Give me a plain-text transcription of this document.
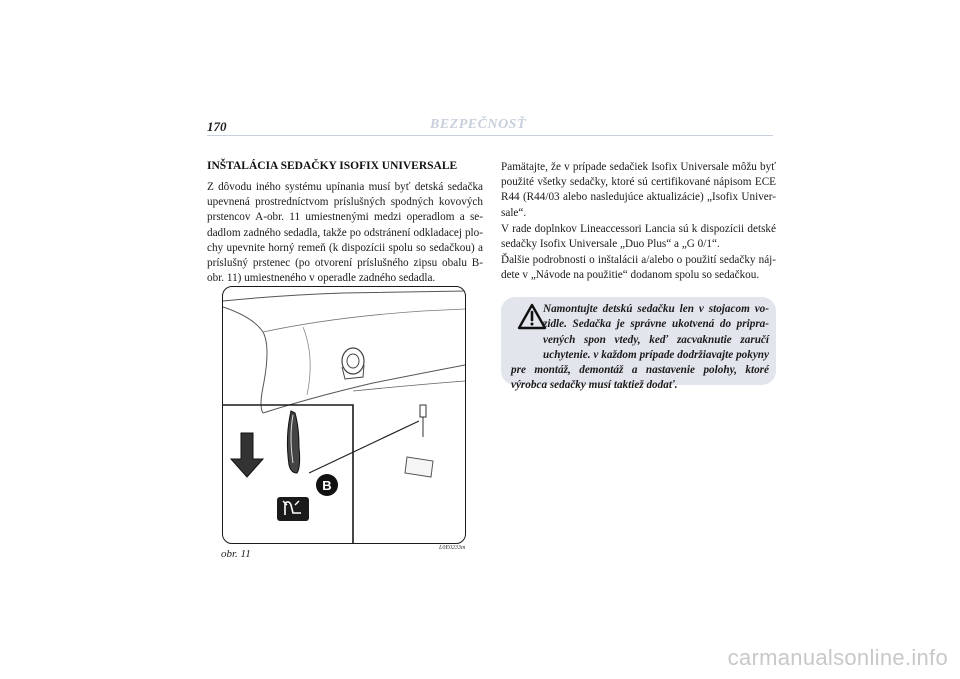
170	BEZPEČNOSŤ
INŠTALÁCIA SEDAČKY ISOFIX UNIVERSALE
Z dôvodu iného systému upínania musí byť detská sedačka upevnená prostredníctvom príslušných spodných kovových prstencov A-obr. 11 umiestnenými medzi operadlom a se-dadlom zadného sedadla, takže po odstránení odkladacej plo-chy upevnite horný remeň (k dispozícii spolu so sedačkou) a príslušný prstenec (po otvorení príslušného zipsu obalu B-obr. 11) umiestneného v operadle zadného sedadla.

Pamätajte, že v prípade sedačiek Isofix Universale môžu byť použité všetky sedačky, ktoré sú certifikované nápisom ECE R44 (R44/03 alebo nasledujúce aktualizácie) „Isofix Univer-sale“.

V rade doplnkov Lineaccessori Lancia sú k dispozícii detské sedačky Isofix Universale „Duo Plus“ a „G 0/1“.

Ďalšie podrobnosti o inštalácii a/alebo o použití sedačky náj-dete v „Návode na použitie“ dodanom spolu so sedačkou.

B
obr. 11	L0E0233m
Namontujte detskú sedačku len v stojacom vo-zidle. Sedačka je správne ukotvená do pripra-vených spon vtedy, keď zacvaknutie zaručí uchytenie. v každom prípade dodržiavajte pokyny pre montáž, demontáž a nastavenie polohy, ktoré výrobca sedačky musí taktiež dodať.
carmanualsonline.info
